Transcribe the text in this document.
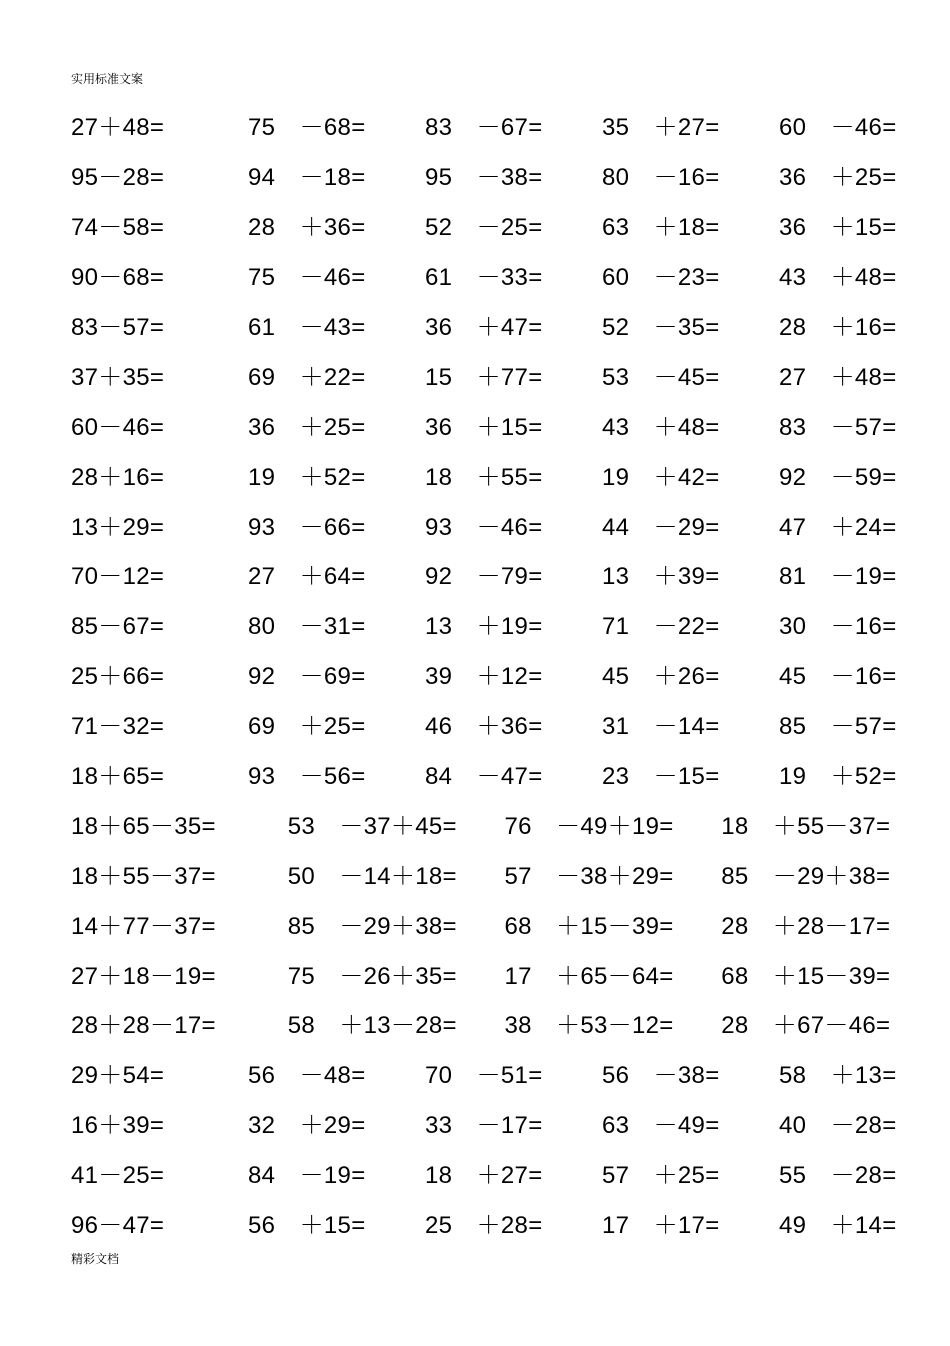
实用标准文案
27＋48=	75　－68=	83　－67=	35　＋27=	60　－46=
95－28=	94　－18=	95　－38=	80　－16=	36　＋25=
74－58=	28　＋36=	52　－25=	63　＋18=	36　＋15=
90－68=	75　－46=	61　－33=	60　－23=	43　＋48=
83－57=	61　－43=	36　＋47=	52　－35=	28　＋16=
37＋35=	69　＋22=	15　＋77=	53　－45=	27　＋48=
60－46=	36　＋25=	36　＋15=	43　＋48=	83　－57=
28＋16=	19　＋52=	18　＋55=	19　＋42=	92　－59=
13＋29=	93　－66=	93　－46=	44　－29=	47　＋24=
70－12=	27　＋64=	92　－79=	13　＋39=	81　－19=
85－67=	80　－31=	13　＋19=	71　－22=	30　－16=
25＋66=	92　－69=	39　＋12=	45　＋26=	45　－16=
71－32=	69　＋25=	46　＋36=	31　－14=	85　－57=
18＋65=	93　－56=	84　－47=	23　－15=	19　＋52=
18＋65－35=	53　－37＋45=	76　－49＋19=	18　＋55－37=
18＋55－37=	50　－14＋18=	57　－38＋29=	85　－29＋38=
14＋77－37=	85　－29＋38=	68　＋15－39=	28　＋28－17=
27＋18－19=	75　－26＋35=	17　＋65－64=	68　＋15－39=
28＋28－17=	58　＋13－28=	38　＋53－12=	28　＋67－46=
29＋54=	56　－48=	70　－51=	56　－38=	58　＋13=
16＋39=	32　＋29=	33　－17=	63　－49=	40　－28=
41－25=	84　－19=	18　＋27=	57　＋25=	55　－28=
96－47=	56　＋15=	25　＋28=	17　＋17=	49　＋14=
精彩文档
